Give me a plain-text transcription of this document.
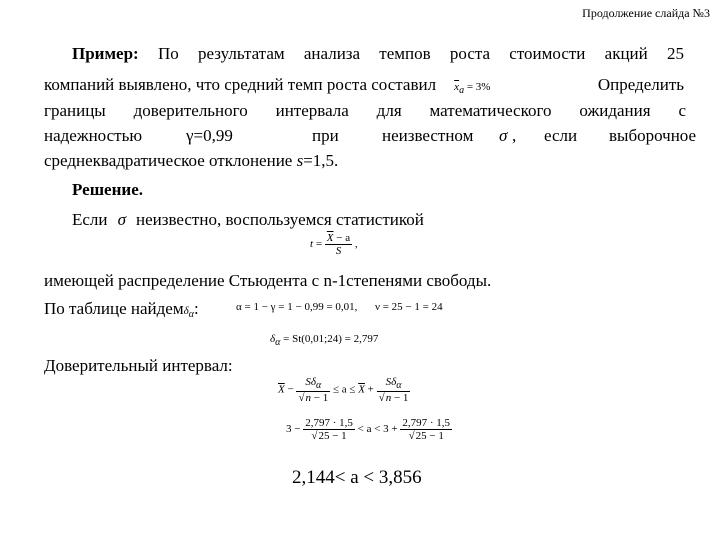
Продолжение слайда №3
Пример: По результатам анализа темпов роста стоимости акций 25
компаний выявлено, что средний темп роста составил $\overline{x}_a = 3\%$	Определить
границы доверительного интервала для математического ожидания с
надежностью	γ=0,99	при	неизвестном σ , если выборочное
среднеквадратическое отклонение s=1,5.
Решение.
Если σ неизвестно, воспользуемся статистикой
$t = \frac{\overline{X} - a}{S}$ ,
имеющей распределение Стьюдента с n-1степенями свободы.
По таблице найдемδ$_\alpha$:	α = 1 − γ = 1 − 0,99 = 0,01, ν = 25 − 1 = 24
$\delta_\alpha$ = St(0,01;24) = 2,797
Доверительный интервал:
$\overline{X} - \frac{S\delta_\alpha}{√n - 1} \le a \le \overline{X} + \frac{S\delta_\alpha}{√n - 1}$
$3 - \frac{2,797 \cdot 1,5}{√25 - 1} < a < 3 + \frac{2,797 \cdot 1,5}{√25 - 1}$
2,144< a < 3,856
